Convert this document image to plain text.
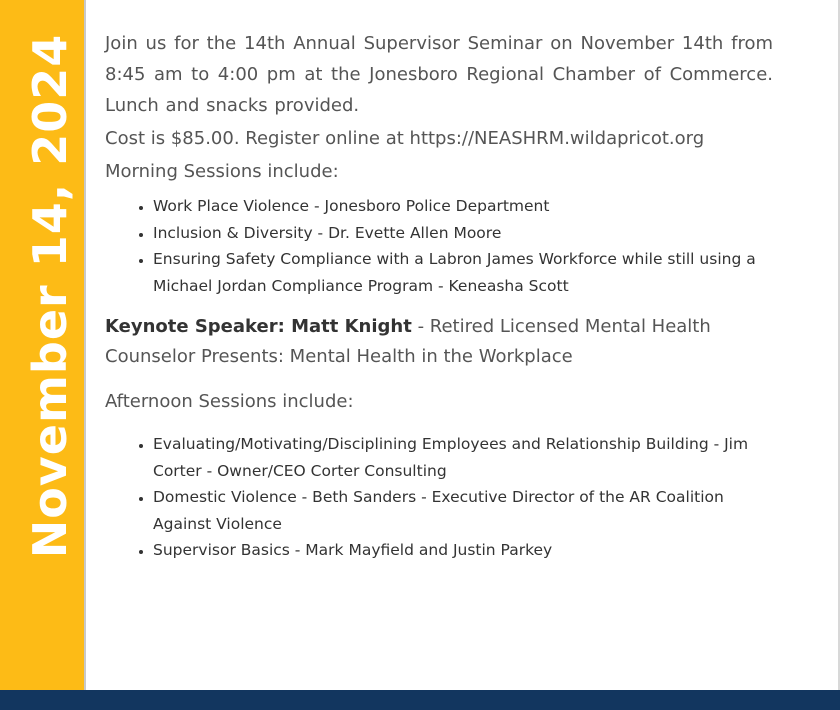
November 14, 2024 Join us for the 14th Annual Supervisor Seminar on November 14th from 8:45 am to 4:00 pm at the Jonesboro Regional Chamber of Commerce. Lunch and snacks provided.

Cost is $85.00. Register online at https://NEASHRM.wildapricot.org

Morning Sessions include:

• Work Place Violence - Jonesboro Police Department
• Inclusion & Diversity - Dr. Evette Allen Moore
• Ensuring Safety Compliance with a Labron James Workforce while still using a Michael Jordan Compliance Program - Keneasha Scott

Keynote Speaker: Matt Knight - Retired Licensed Mental Health Counselor Presents: Mental Health in the Workplace

Afternoon Sessions include:

• Evaluating/Motivating/Disciplining Employees and Relationship Building - Jim Corter - Owner/CEO Corter Consulting
• Domestic Violence - Beth Sanders - Executive Director of the AR Coalition Against Violence
• Supervisor Basics - Mark Mayfield and Justin Parkey
